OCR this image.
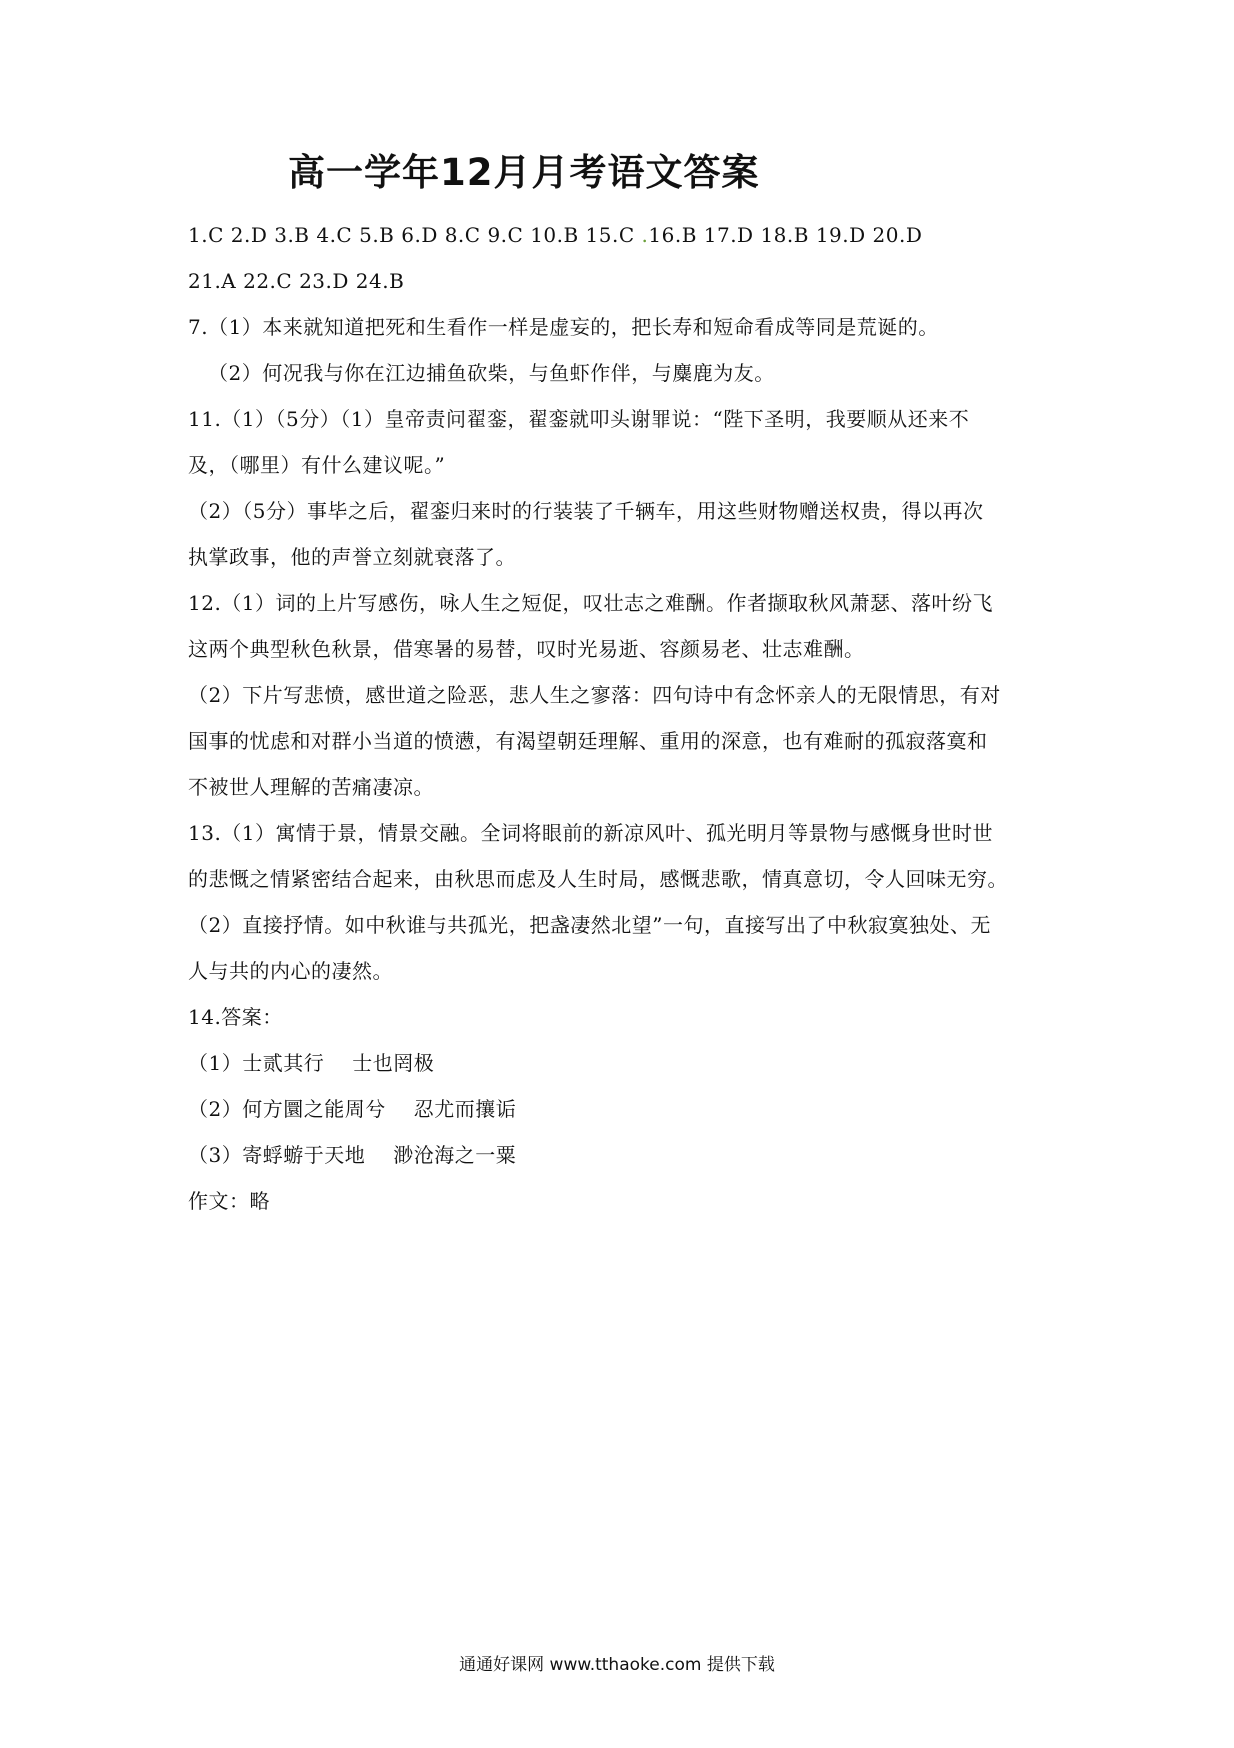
高一学年12月月考语文答案
1.C 2.D 3.B 4.C 5.B 6.D 8.C 9.C 10.B 15.C .16.B 17.D 18.B 19.D 20.D
21.A 22.C 23.D 24.B
7.（1）本来就知道把死和生看作一样是虚妄的，把长寿和短命看成等同是荒诞的。
（2）何况我与你在江边捕鱼砍柴，与鱼虾作伴，与麋鹿为友。
11.（1）（5分）（1）皇帝责问翟銮，翟銮就叩头谢罪说：“陛下圣明，我要顺从还来不
及，（哪里）有什么建议呢。”
（2）（5分）事毕之后，翟銮归来时的行装装了千辆车，用这些财物赠送权贵，得以再次
执掌政事，他的声誉立刻就衰落了。
12.（1）词的上片写感伤，咏人生之短促，叹壮志之难酬。作者撷取秋风萧瑟、落叶纷飞
这两个典型秋色秋景，借寒暑的易替，叹时光易逝、容颜易老、壮志难酬。
（2）下片写悲愤，感世道之险恶，悲人生之寥落：四句诗中有念怀亲人的无限情思，有对
国事的忧虑和对群小当道的愤懑，有渴望朝廷理解、重用的深意，也有难耐的孤寂落寞和
不被世人理解的苦痛凄凉。
13.（1）寓情于景，情景交融。全词将眼前的新凉风叶、孤光明月等景物与感慨身世时世
的悲慨之情紧密结合起来，由秋思而虑及人生时局，感慨悲歌，情真意切，令人回味无穷。
（2）直接抒情。如中秋谁与共孤光，把盏凄然北望”一句，直接写出了中秋寂寞独处、无
人与共的内心的凄然。
14.答案：
（1）士贰其行 士也罔极
（2）何方圜之能周兮 忍尤而攘诟
（3）寄蜉蝣于天地 渺沧海之一粟
作文：略
通通好课网 www.tthaoke.com 提供下载
